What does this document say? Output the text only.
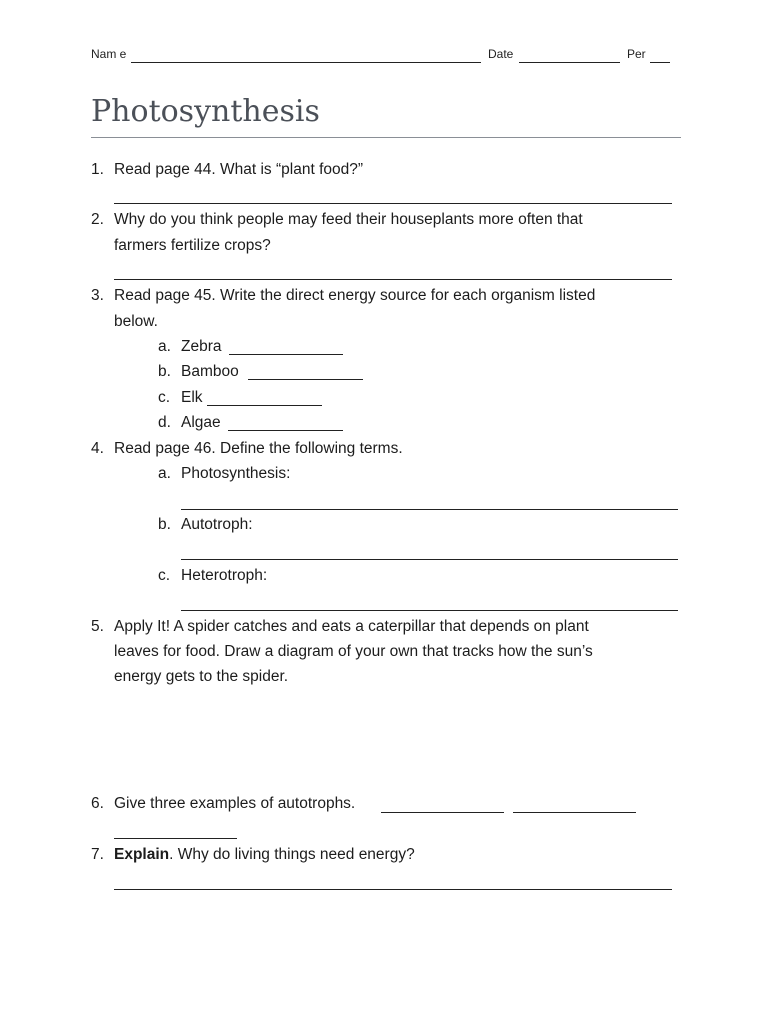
Nam e	Date	Per
Photosynthesis
1. Read page 44. What is “plant food?”
2. Why do you think people may feed their houseplants more often that
farmers fertilize crops?
3. Read page 45. Write the direct energy source for each organism listed
below.
a. Zebra
b. Bamboo
c. Elk
d. Algae
4. Read page 46. Define the following terms.
a. Photosynthesis:
b. Autotroph:
c. Heterotroph:
5. Apply It! A spider catches and eats a caterpillar that depends on plant
leaves for food. Draw a diagram of your own that tracks how the sun’s
energy gets to the spider.
6. Give three examples of autotrophs.
7. Explain. Why do living things need energy?
